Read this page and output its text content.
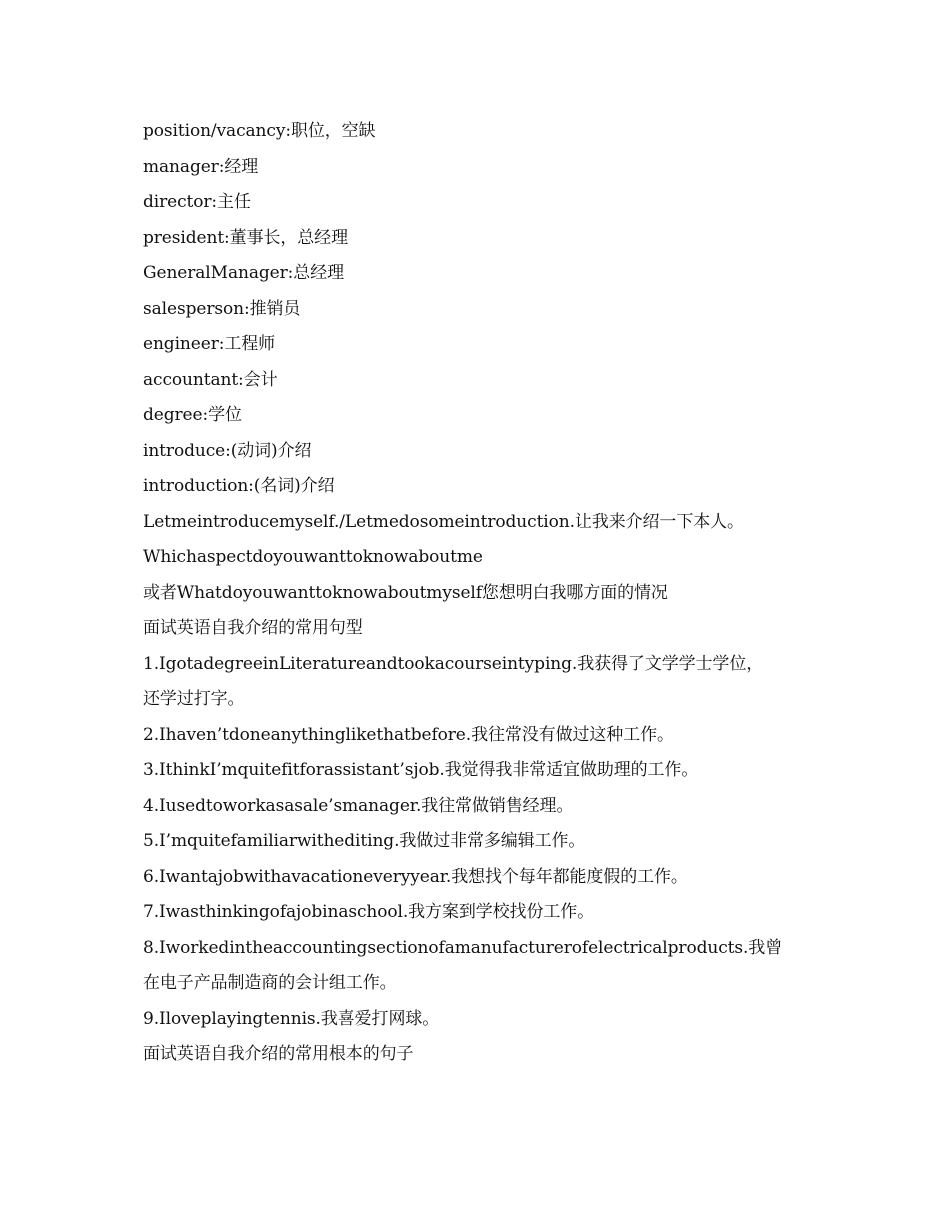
position/vacancy:职位，空缺

manager:经理

director:主任

president:董事长，总经理

GeneralManager:总经理

salesperson:推销员

engineer:工程师

accountant:会计

degree:学位

introduce:(动词)介绍

introduction:(名词)介绍

Letmeintroducemyself./Letmedosomeintroduction.让我来介绍一下本人。

Whichaspectdoyouwanttoknowaboutme

或者Whatdoyouwanttoknowaboutmyself您想明白我哪方面的情况

面试英语自我介绍的常用句型

1.IgotadegreeinLiteratureandtookacourseintyping.我获得了文学学士学位，

还学过打字。

2.Ihaven’tdoneanythinglikethatbefore.我往常没有做过这种工作。

3.IthinkI’mquitefitforassistant’sjob.我觉得我非常适宜做助理的工作。

4.Iusedtoworkasasale’smanager.我往常做销售经理。

5.I’mquitefamiliarwithediting.我做过非常多编辑工作。

6.Iwantajobwithavacationeveryyear.我想找个每年都能度假的工作。

7.Iwasthinkingofajobinaschool.我方案到学校找份工作。

8.Iworkedintheaccountingsectionofamanufacturerofelectricalproducts.我曾

在电子产品制造商的会计组工作。

9.Iloveplayingtennis.我喜爱打网球。

面试英语自我介绍的常用根本的句子
